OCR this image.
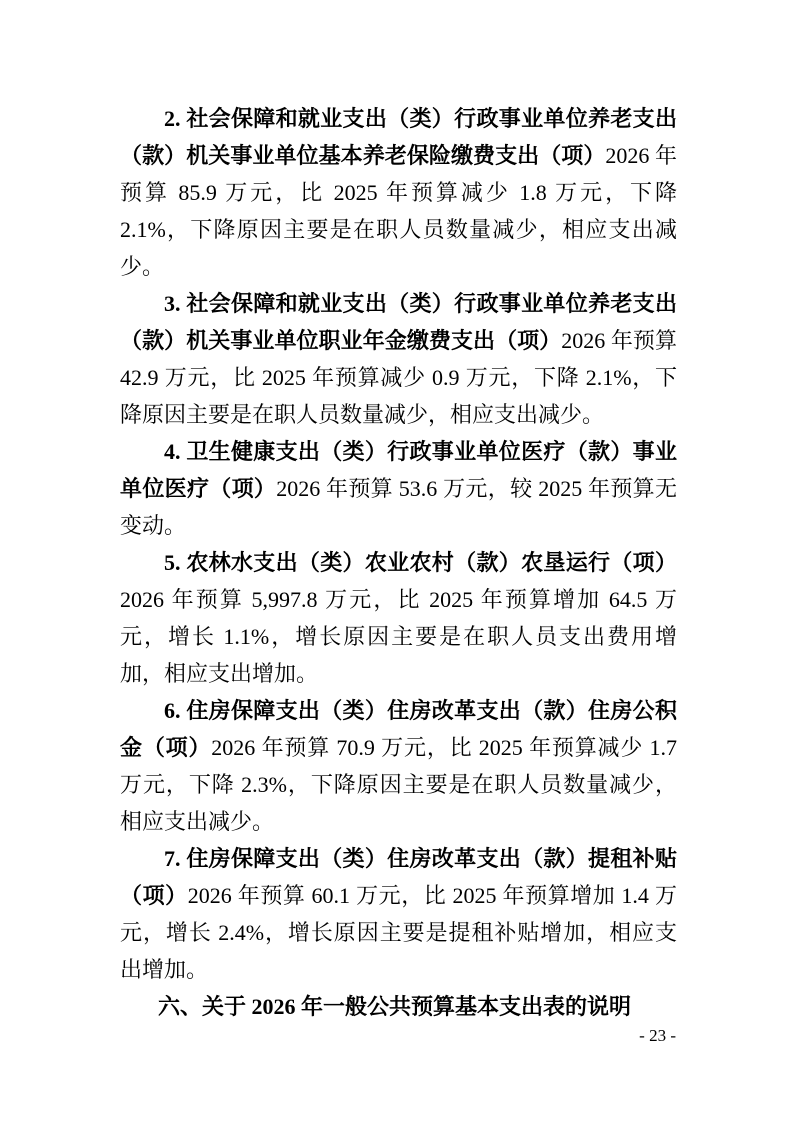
2. 社会保障和就业支出（类）行政事业单位养老支出（款）机关事业单位基本养老保险缴费支出（项）2026 年预算 85.9 万元，比 2025 年预算减少 1.8 万元，下降 2.1%，下降原因主要是在职人员数量减少，相应支出减少。

3. 社会保障和就业支出（类）行政事业单位养老支出（款）机关事业单位职业年金缴费支出（项）2026 年预算 42.9 万元，比 2025 年预算减少 0.9 万元，下降 2.1%，下降原因主要是在职人员数量减少，相应支出减少。

4. 卫生健康支出（类）行政事业单位医疗（款）事业单位医疗（项）2026 年预算 53.6 万元，较 2025 年预算无变动。

5. 农林水支出（类）农业农村（款）农垦运行（项）2026 年预算 5,997.8 万元，比 2025 年预算增加 64.5 万元，增长 1.1%，增长原因主要是在职人员支出费用增加，相应支出增加。

6. 住房保障支出（类）住房改革支出（款）住房公积金（项）2026 年预算 70.9 万元，比 2025 年预算减少 1.7 万元，下降 2.3%，下降原因主要是在职人员数量减少，相应支出减少。

7. 住房保障支出（类）住房改革支出（款）提租补贴（项）2026 年预算 60.1 万元，比 2025 年预算增加 1.4 万元，增长 2.4%，增长原因主要是提租补贴增加，相应支出增加。

六、关于 2026 年一般公共预算基本支出表的说明
- 23 -
